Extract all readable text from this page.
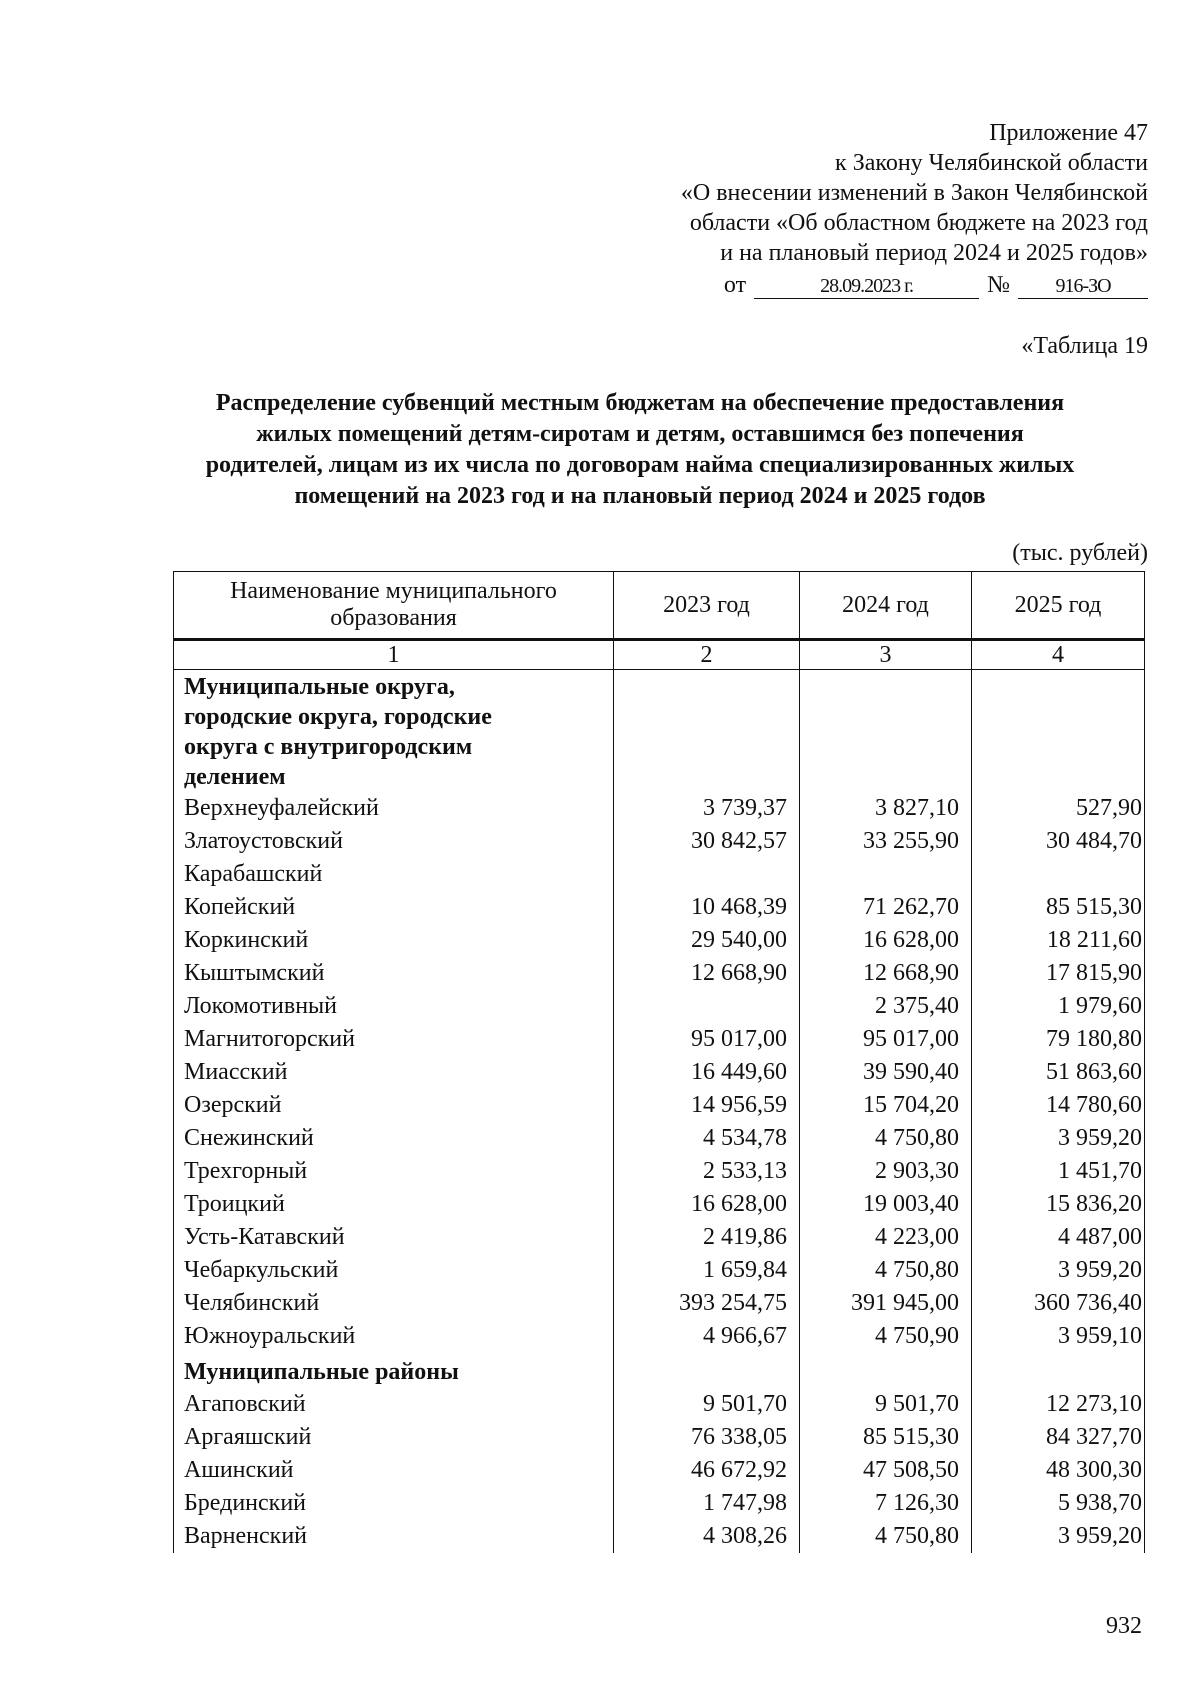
Приложение 47
к Закону Челябинской области
«О внесении изменений в Закон Челябинской
области «Об областном бюджете на 2023 год
и на плановый период 2024 и 2025 годов»
от	28.09.2023 г.	№	916-ЗО
«Таблица 19
Распределение субвенций местным бюджетам на обеспечение предоставления
жилых помещений детям-сиротам и детям, оставшимся без попечения
родителей, лицам из их числа по договорам найма специализированных жилых
помещений на 2023 год и на плановый период 2024 и 2025 годов
(тыс. рублей)
Наименование муниципального
образования	2023 год	2024 год	2025 год
1	2	3	4
Муниципальные округа,
городские округа, городские
округа с внутригородским
делением			
Верхнеуфалейский	3 739,37	3 827,10	527,90
Златоустовский	30 842,57	33 255,90	30 484,70
Карабашский			
Копейский	10 468,39	71 262,70	85 515,30
Коркинский	29 540,00	16 628,00	18 211,60
Кыштымский	12 668,90	12 668,90	17 815,90
Локомотивный		2 375,40	1 979,60
Магнитогорский	95 017,00	95 017,00	79 180,80
Миасский	16 449,60	39 590,40	51 863,60
Озерский	14 956,59	15 704,20	14 780,60
Снежинский	4 534,78	4 750,80	3 959,20
Трехгорный	2 533,13	2 903,30	1 451,70
Троицкий	16 628,00	19 003,40	15 836,20
Усть-Катавский	2 419,86	4 223,00	4 487,00
Чебаркульский	1 659,84	4 750,80	3 959,20
Челябинский	393 254,75	391 945,00	360 736,40
Южноуральский	4 966,67	4 750,90	3 959,10
Муниципальные районы			
Агаповский	9 501,70	9 501,70	12 273,10
Аргаяшский	76 338,05	85 515,30	84 327,70
Ашинский	46 672,92	47 508,50	48 300,30
Брединский	1 747,98	7 126,30	5 938,70
Варненский	4 308,26	4 750,80	3 959,20
932
